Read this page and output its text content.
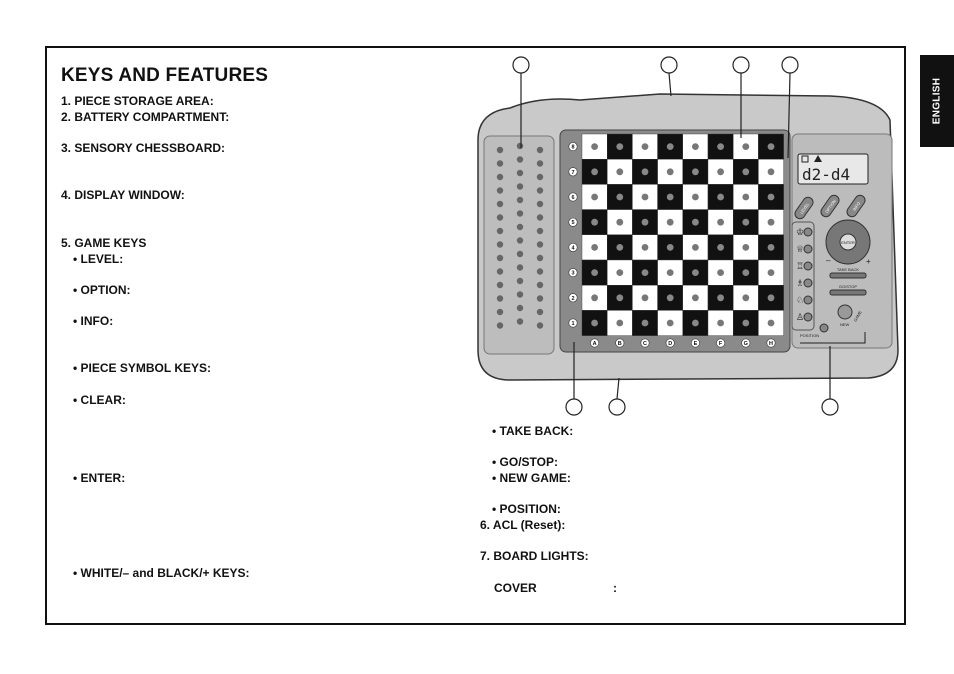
KEYS AND FEATURES
ENGLISH
1. PIECE STORAGE AREA:
2. BATTERY COMPARTMENT:
3. SENSORY CHESSBOARD:
4. DISPLAY WINDOW:
5. GAME KEYS
• LEVEL:
• OPTION:
• INFO:
• PIECE SYMBOL KEYS:
• CLEAR:
• ENTER:
• WHITE/– and BLACK/+ KEYS:
• TAKE BACK:
• GO/STOP:
• NEW GAME:
• POSITION:
6. ACL (Reset):
7. BOARD LIGHTS:
COVER	:
8
7
6
5
4
3
2
1
A	B	C	D	E	F	G	H
d2-d4
LEVEL	OPTION	INFO
♔
♕
♖
♗
♘
♙
ENTER
–	+
TAKE BACK
GO/STOP
NEW
GAME
POSITION
